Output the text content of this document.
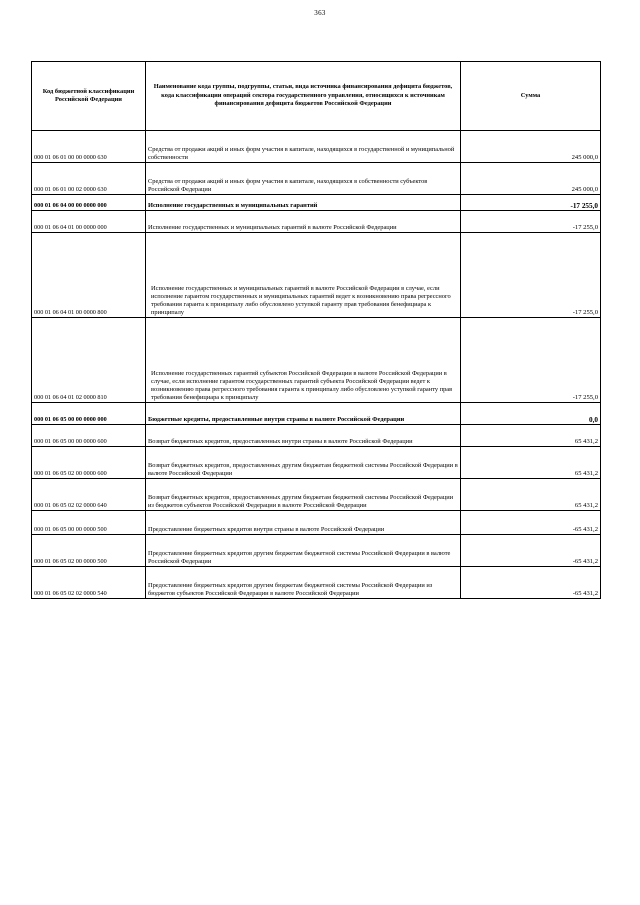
363
Код бюджетной классификации Российской Федерации	Наименование кода группы, подгруппы, статьи, вида источника финансирования дефицита бюджетов, кода классификации операций сектора государственного управления, относящихся к источникам финансирования дефицита бюджетов Российской Федерации	Сумма
000 01 06 01 00 00 0000 630	Средства от продажи акций и иных форм участия в капитале, находящихся в государственной и муниципальной собственности	245 000,0
000 01 06 01 00 02 0000 630	Средства от продажи акций и иных форм участия в капитале, находящихся в собственности субъектов Российской Федерации	245 000,0
000 01 06 04 00 00 0000 000	Исполнение государственных и муниципальных гарантий	-17 255,0
000 01 06 04 01 00 0000 000	Исполнение государственных и муниципальных гарантий в валюте Российской Федерации	-17 255,0
000 01 06 04 01 00 0000 800	Исполнение государственных и муниципальных гарантий в валюте Российской Федерации в случае, если исполнение гарантом государственных и муниципальных гарантий ведет к возникновению права регрессного требования гаранта к принципалу либо обусловлено уступкой гаранту прав требования бенефициара к принципалу	-17 255,0
000 01 06 04 01 02 0000 810	Исполнение государственных гарантий субъектов Российской Федерации в валюте Российской Федерации в случае, если исполнение гарантом государственных гарантий субъекта Российской Федерации ведет к возникновению права регрессного требования гаранта к принципалу либо обусловлено уступкой гаранту прав требования бенефициара к принципалу	-17 255,0
000 01 06 05 00 00 0000 000	Бюджетные кредиты, предоставленные внутри страны в валюте Российской Федерации	0,0
000 01 06 05 00 00 0000 600	Возврат бюджетных кредитов, предоставленных внутри страны в валюте Российской Федерации	65 431,2
000 01 06 05 02 00 0000 600	Возврат бюджетных кредитов, предоставленных другим бюджетам бюджетной системы Российской Федерации в валюте Российской Федерации	65 431,2
000 01 06 05 02 02 0000 640	Возврат бюджетных кредитов, предоставленных другим бюджетам бюджетной системы Российской Федерации из бюджетов субъектов Российской Федерации в валюте Российской Федерации	65 431,2
000 01 06 05 00 00 0000 500	Предоставление бюджетных кредитов внутри страны в валюте Российской Федерации	-65 431,2
000 01 06 05 02 00 0000 500	Предоставление бюджетных кредитов другим бюджетам бюджетной системы Российской Федерации в валюте Российской Федерации	-65 431,2
000 01 06 05 02 02 0000 540	Предоставление бюджетных кредитов другим бюджетам бюджетной системы Российской Федерации из бюджетов субъектов Российской Федерации в валюте Российской Федерации	-65 431,2
